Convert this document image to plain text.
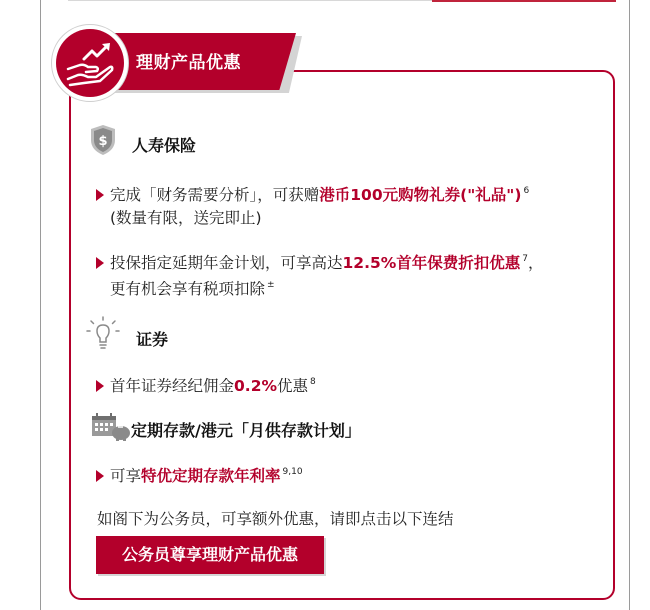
理财产品优惠
$ 人寿保险
完成「财务需要分析」，可获赠港币100元购物礼券("礼品") $^6$
(数量有限，送完即止)
投保指定延期年金计划，可享高达12.5%首年保费折扣优惠 $^7$，
更有机会享有税项扣除 ±
证券
首年证券经纪佣金0.2%优惠 $^8$
定期存款/港元「月供存款计划」
可享特优定期存款年利率 $^{9,10}$
如阁下为公务员，可享额外优惠，请即点击以下连结
公务员尊享理财产品优惠
